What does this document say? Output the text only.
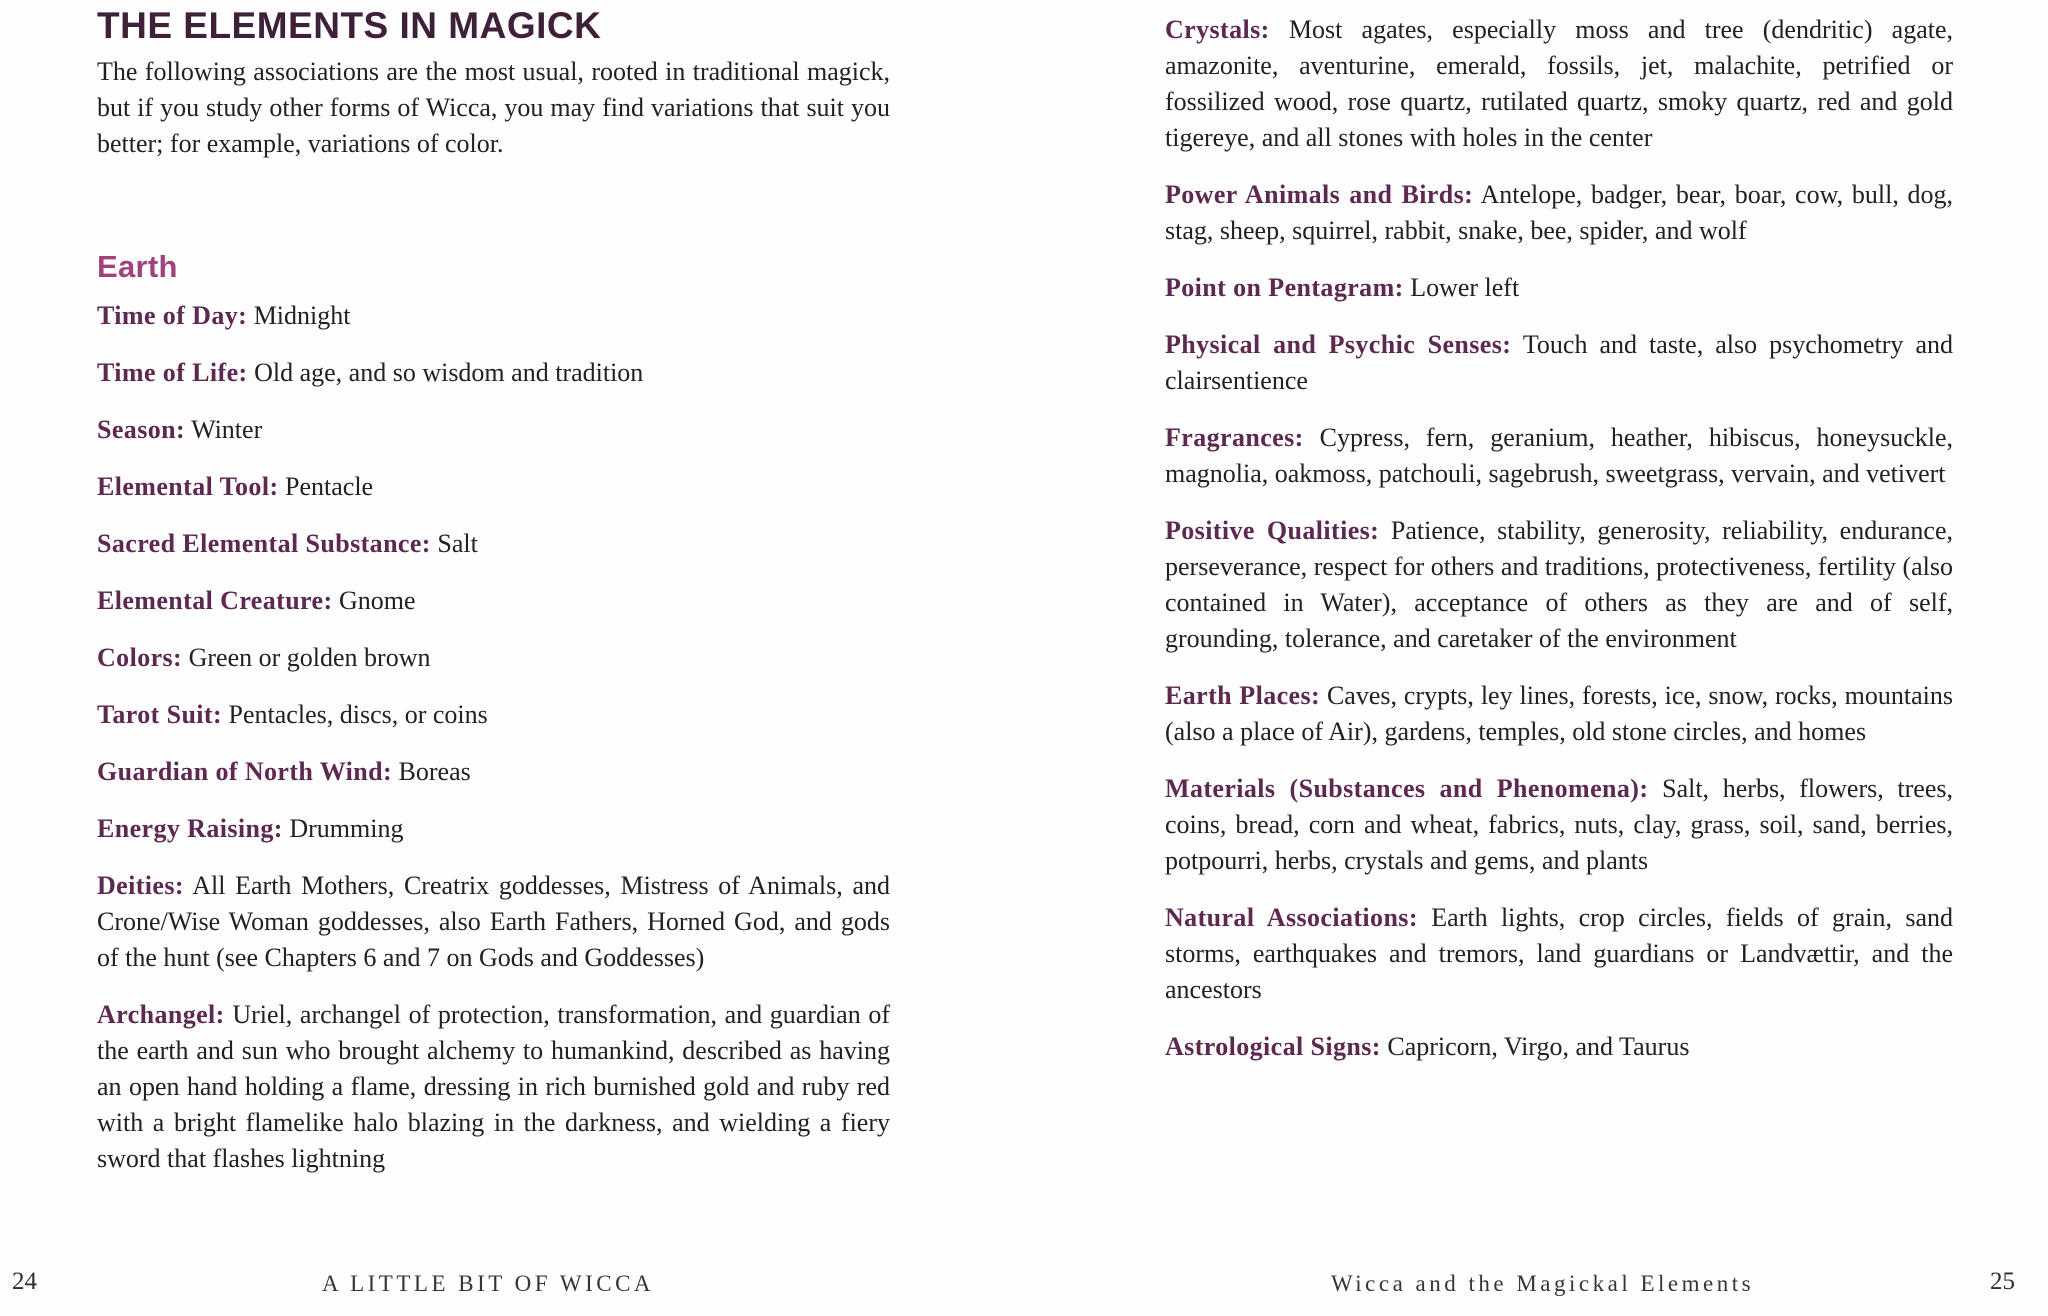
THE ELEMENTS IN MAGICK

The following associations are the most usual, rooted in traditional magick, but if you study other forms of Wicca, you may find variations that suit you better; for example, variations of color.

Earth

Time of Day: Midnight

Time of Life: Old age, and so wisdom and tradition

Season: Winter

Elemental Tool: Pentacle

Sacred Elemental Substance: Salt

Elemental Creature: Gnome

Colors: Green or golden brown

Tarot Suit: Pentacles, discs, or coins

Guardian of North Wind: Boreas

Energy Raising: Drumming

Deities: All Earth Mothers, Creatrix goddesses, Mistress of Animals, and Crone/Wise Woman goddesses, also Earth Fathers, Horned God, and gods of the hunt (see Chapters 6 and 7 on Gods and Goddesses)

Archangel: Uriel, archangel of protection, transformation, and guardian of the earth and sun who brought alchemy to humankind, described as having an open hand holding a flame, dressing in rich burnished gold and ruby red with a bright flamelike halo blazing in the darkness, and wielding a fiery sword that flashes lightning

Crystals: Most agates, especially moss and tree (dendritic) agate, amazonite, aventurine, emerald, fossils, jet, malachite, petrified or fossilized wood, rose quartz, rutilated quartz, smoky quartz, red and gold tigereye, and all stones with holes in the center

Power Animals and Birds: Antelope, badger, bear, boar, cow, bull, dog, stag, sheep, squirrel, rabbit, snake, bee, spider, and wolf

Point on Pentagram: Lower left

Physical and Psychic Senses: Touch and taste, also psychometry and clairsentience

Fragrances: Cypress, fern, geranium, heather, hibiscus, honeysuckle, magnolia, oakmoss, patchouli, sagebrush, sweetgrass, vervain, and vetivert

Positive Qualities: Patience, stability, generosity, reliability, endurance, perseverance, respect for others and traditions, protectiveness, fertility (also contained in Water), acceptance of others as they are and of self, grounding, tolerance, and caretaker of the environment

Earth Places: Caves, crypts, ley lines, forests, ice, snow, rocks, mountains (also a place of Air), gardens, temples, old stone circles, and homes

Materials (Substances and Phenomena): Salt, herbs, flowers, trees, coins, bread, corn and wheat, fabrics, nuts, clay, grass, soil, sand, berries, potpourri, herbs, crystals and gems, and plants

Natural Associations: Earth lights, crop circles, fields of grain, sand storms, earthquakes and tremors, land guardians or Landvættir, and the ancestors

Astrological Signs: Capricorn, Virgo, and Taurus

24	A LITTLE BIT OF WICCA	Wicca and the Magickal Elements	25
